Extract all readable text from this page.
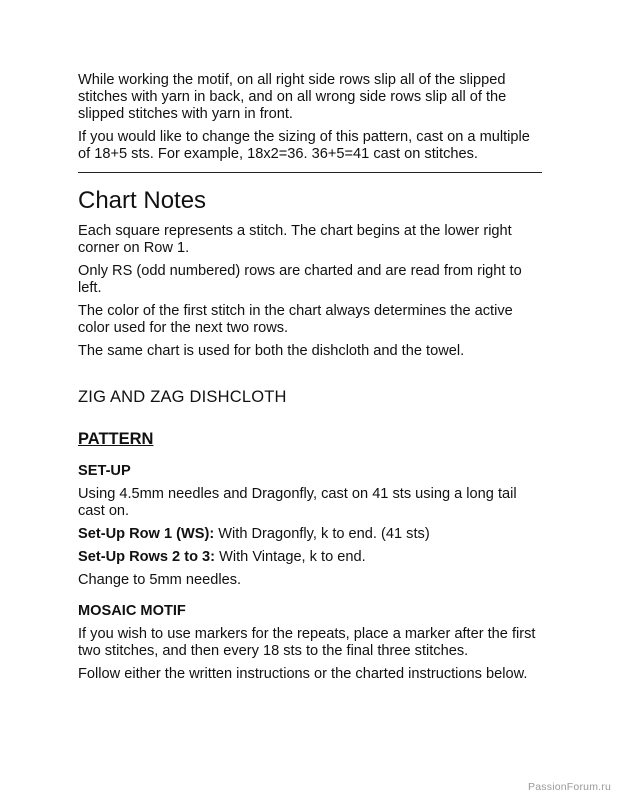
While working the motif, on all right side rows slip all of the slipped stitches with yarn in back, and on all wrong side rows slip all of the slipped stitches with yarn in front.

If you would like to change the sizing of this pattern, cast on a multiple of 18+5 sts. For example, 18x2=36. 36+5=41 cast on stitches.

Chart Notes

Each square represents a stitch. The chart begins at the lower right corner on Row 1.

Only RS (odd numbered) rows are charted and are read from right to left.

The color of the first stitch in the chart always determines the active color used for the next two rows.

The same chart is used for both the dishcloth and the towel.

ZIG AND ZAG DISHCLOTH
PATTERN
SET-UP

Using 4.5mm needles and Dragonfly, cast on 41 sts using a long tail cast on.

Set-Up Row 1 (WS): With Dragonfly, k to end. (41 sts)

Set-Up Rows 2 to 3: With Vintage, k to end.

Change to 5mm needles.

MOSAIC MOTIF

If you wish to use markers for the repeats, place a marker after the first two stitches, and then every 18 sts to the final three stitches.

Follow either the written instructions or the charted instructions below.

PassionForum.ru
